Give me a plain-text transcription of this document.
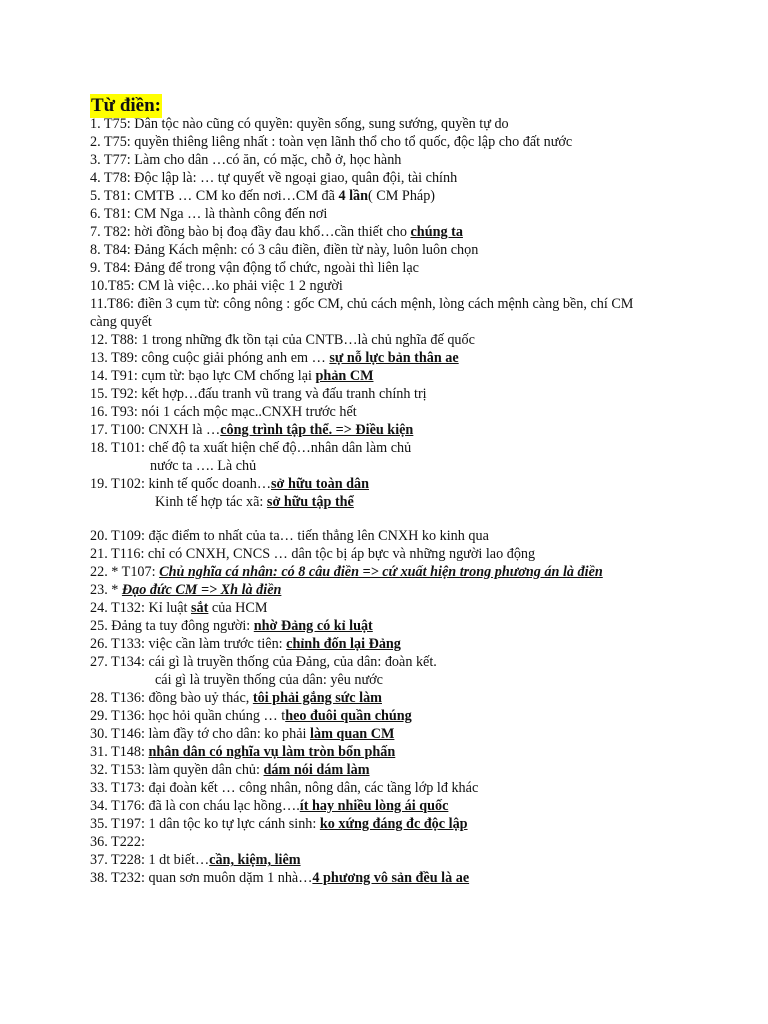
Từ điền:
1. T75: Dân tộc nào cũng có quyền: quyền sống, sung sướng, quyền tự do
2. T75: quyền thiêng liêng nhất : toàn vẹn lãnh thổ cho tổ quốc, độc lập cho đất nước
3. T77: Làm cho dân …có ăn, có mặc, chỗ ở, học hành
4. T78: Độc lập là: … tự quyết về ngoại giao, quân đội, tài chính
5. T81: CMTB … CM ko đến nơi…CM đã 4 lần( CM Pháp)
6. T81: CM Nga … là thành công đến nơi
7. T82: hời đồng bào bị đoạ đầy đau khổ…cần thiết cho chúng ta
8. T84: Đảng Kách mệnh: có 3 câu điền, điền từ này, luôn luôn chọn
9. T84: Đảng để trong vận động tổ chức, ngoài thì liên lạc
10.T85: CM là việc…ko phải việc 1 2 người
11.T86: điền 3 cụm từ: công nông : gốc CM, chủ cách mệnh, lòng cách mệnh càng bền, chí CM
càng quyết
12. T88: 1 trong những đk tồn tại của CNTB…là chủ nghĩa đế quốc
13. T89: công cuộc giải phóng anh em … sự nỗ lực bản thân ae
14. T91: cụm từ: bạo lực CM chống lại phản CM
15. T92: kết hợp…đấu tranh vũ trang và đấu tranh chính trị
16. T93: nói 1 cách mộc mạc..CNXH trước hết
17. T100: CNXH là …công trình tập thể. => Điều kiện
18. T101: chế độ ta xuất hiện chế độ…nhân dân làm chủ
nước ta …. Là chủ
19. T102: kinh tế quốc doanh…sở hữu toàn dân
Kinh tế hợp tác xã: sở hữu tập thể
20. T109: đặc điểm to nhất của ta… tiến thẳng lên CNXH ko kinh qua
21. T116: chỉ có CNXH, CNCS … dân tộc bị áp bực và những người lao động
22. * T107: Chủ nghĩa cá nhân: có 8 câu điền => cứ xuất hiện trong phương án là điền
23. * Đạo đức CM => Xh là điền
24. T132: Kỉ luật sắt của HCM
25. Đảng ta tuy đông người: nhờ Đảng có kỉ luật
26. T133: việc cần làm trước tiên: chỉnh đốn lại Đảng
27. T134: cái gì là truyền thống của Đảng, của dân: đoàn kết.
cái gì là truyền thống của dân: yêu nước
28. T136: đồng bào uỷ thác, tôi phải gắng sức làm
29. T136: học hỏi quần chúng … theo đuôi quần chúng
30. T146: làm đầy tớ cho dân: ko phải làm quan CM
31. T148: nhân dân có nghĩa vụ làm tròn bổn phấn
32. T153: làm quyền dân chủ: dám nói dám làm
33. T173: đại đoàn kết … công nhân, nông dân, các tầng lớp lđ khác
34. T176: đã là con cháu lạc hồng….ít hay nhiều lòng ái quốc
35. T197: 1 dân tộc ko tự lực cánh sinh: ko xứng đáng đc độc lập
36. T222:
37. T228: 1 dt biết…cần, kiệm, liêm
38. T232: quan sơn muôn dặm 1 nhà…4 phương vô sản đều là ae
